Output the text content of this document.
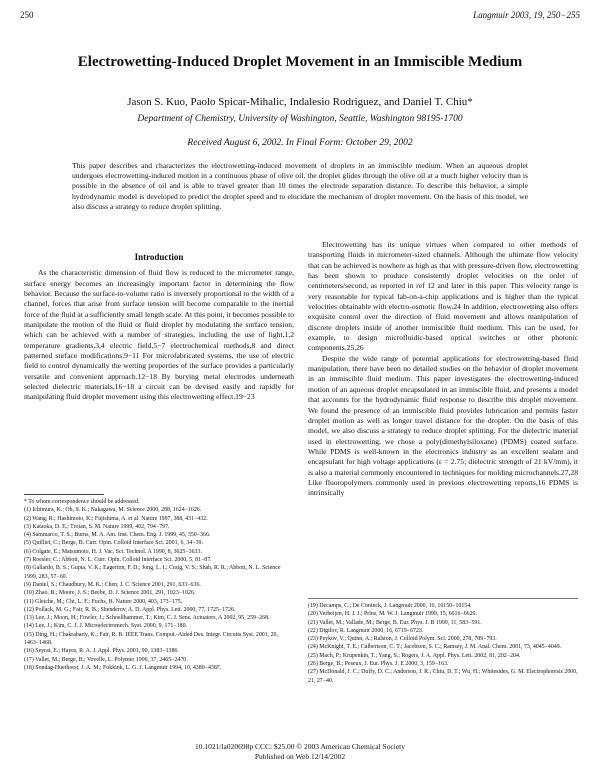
250	Langmuir 2003, 19, 250−255
Electrowetting-Induced Droplet Movement in an Immiscible Medium
Jason S. Kuo, Paolo Spicar-Mihalic, Indalesio Rodriguez, and Daniel T. Chiu*
Department of Chemistry, University of Washington, Seattle, Washington 98195-1700
Received August 6, 2002. In Final Form: October 29, 2002
This paper describes and characterizes the electrowetting-induced movement of droplets in an immiscible medium. When an aqueous droplet undergoes electrowetting-induced motion in a continuous phase of olive oil, the droplet glides through the olive oil at a much higher velocity than is possible in the absence of oil and is able to travel greater than 10 times the electrode separation distance. To describe this behavior, a simple hydrodynamic model is developed to predict the droplet speed and to elucidate the mechanism of droplet movement. On the basis of this model, we also discuss a strategy to reduce droplet splitting.
Introduction

As the characteristic dimension of fluid flow is reduced to the micrometer range, surface energy becomes an increasingly important factor in determining the flow behavior. Because the surface-to-volume ratio is inversely proportional to the width of a channel, forces that arise from surface tension will become comparable to the inertial force of the fluid at a sufficiently small length scale. At this point, it becomes possible to manipulate the motion of the fluid or fluid droplet by modulating the surface tension, which can be achieved with a number of strategies, including the use of light,1,2 temperature gradients,3,4 electric field,5−7 electrochemical methods,8 and direct patterned surface modifications.9−11 For microfabricated systems, the use of electric field to control dynamically the wetting properties of the surface provides a particularly versatile and convenient approach.12−18 By burying metal electrodes underneath selected dielectric materials,16−18 a circuit can be devised easily and rapidly for manipulating fluid droplet movement using this electrowetting effect.19−23

Electrowetting has its unique virtues when compared to other methods of transporting fluids in micrometer-sized channels. Although the ultimate flow velocity that can be achieved is nowhere as high as that with pressure-driven flow, electrowetting has been shown to produce consistently droplet velocities on the order of centimeters/second, as reported in ref 12 and later in this paper. This velocity range is very reasonable for typical lab-on-a-chip applications and is higher than the typical velocities obtainable with electro-osmotic flow.24 In addition, electrowetting also offers exquisite control over the direction of fluid movement and allows manipulation of discrete droplets inside of another immiscible fluid medium. This can be used, for example, to design microfluidic-based optical switches or other photonic components.25,26

Despite the wide range of potential applications for electrowetting-based fluid manipulation, there have been no detailed studies on the behavior of droplet movement in an immiscible fluid medium. This paper investigates the electrowetting-induced motion of an aqueous droplet encapsulated in an immiscible fluid, and presents a model that accounts for the hydrodynamic fluid response to describe this droplet movement. We found the presence of an immiscible fluid provides lubrication and permits faster droplet motion as well as longer travel distance for the droplet. On the basis of this model, we also discuss a strategy to reduce droplet splitting. For the dielectric material used in electrowetting, we chose a poly(dimethylsiloxane) (PDMS) coated surface. While PDMS is well-known in the electronics industry as an excellent sealant and encapsulant for high voltage applications (ε = 2.75; dielectric strength of 21 kV/mm), it is also a material commonly encountered in techniques for molding microchannels.27,28 Like fluoropolymers commonly used in previous electrowetting reports,16 PDMS is intrinsically

* To whom correspondence should be addressed.
(1) Ichimura, K.; Oh, S. K.; Nakagawa, M. Science 2000, 288, 1624−1626.
(2) Wang, R.; Hashimoto, K.; Fujishima, A. et al. Nature 1997, 388, 431−432.
(3) Kataoka, D. E.; Troian, S. M. Nature 1999, 402, 794−797.
(4) Sammarco, T. S.; Burns, M. A. Am. Inst. Chem. Eng. J. 1999, 45, 350−366.
(5) Quilliet, C.; Berge, B. Curr. Opin. Colloid Interface Sci. 2001, 6, 34−39.
(6) Colgate, E.; Matsumoto, H. J. Vac. Sci. Technol. A 1990, 8, 3625−3633.
(7) Roesler, C.; Abbott, N. L. Curr. Opin. Colloid Interface Sci. 2000, 5, 81−87.
(8) Gallardo, B. S.; Gupta, V. K.; Eagerton, F. D.; Jong, L. I.; Craig, V. S.; Shah, R. R.; Abbott, N. L. Science 1999, 283, 57−60.
(9) Daniel, S.; Chaudhury, M. K.; Chen, J. C. Science 2001, 291, 633−636.
(10) Zhao, B.; Moore, J. S.; Beebe, D. J. Science 2001, 291, 1023−1026.
(11) Gleiche, M.; Chi, L. F.; Fuchs, H. Nature 2000, 403, 173−175.
(12) Pollack, M. G.; Fair, R. B.; Shenderov, A. D. Appl. Phys. Lett. 2000, 77, 1725−1726.
(13) Lee, J.; Moon, H.; Fowler, J.; Schoellhammer, T.; Kim, C. J. Sens. Actuators, A 2002, 95, 259−268.
(14) Lee, J.; Kim, C. J. J. Microelectromech. Syst. 2000, 9, 171−180.
(15) Ding, H.; Chakrabarty, K.; Fair, R. B. IEEE Trans. Comput.-Aided Des. Integr. Circuits Syst. 2001, 20, 1463−1468.
(16) Seyrat, E.; Hayes, R. A. J. Appl. Phys. 2001, 90, 1383−1386.
(17) Vallet, M.; Berge, B.; Vovelle, L. Polymer 1996, 37, 2465−2470.
(18) Sondag-Huethorst, J. A. M.; Fokkink, L. G. J. Langmuir 1994, 10, 4380−4387.
(19) Decamps, C.; De Coninck, J. Langmuir 2000, 16, 10150−10154.
(20) Verheijen, H. J. J.; Prins, M. W. J. Langmuir 1999, 15, 6616−6620.
(21) Vallet, M.; Vallade, M.; Berge, B. Eur. Phys. J. B 1999, 11, 583−591.
(22) Digilov, R. Langmuir 2000, 16, 6719−6723.
(23) Peykov, V.; Quinn, A.; Ralston, J. Colloid Polym. Sci. 2000, 278, 789−793.
(24) McKnight, T. E.; Culbertson, C. T.; Jacobson, S. C.; Ramsey, J. M. Anal. Chem. 2001, 73, 4045−4049.
(25) Mach, P.; Krupenkin, T.; Yang, S.; Rogers, J. A. Appl. Phys. Lett. 2002, 81, 202−204.
(26) Berge, B.; Peseux, J. Eur. Phys. J. E 2000, 3, 159−163.
(27) McDonald, J. C.; Duffy, D. C.; Anderson, J. R.; Chiu, D. T.; Wu, H.; Whitesides, G. M. Electrophoresis 2000, 21, 27−40.
10.1021/la020698p CCC: $25.00 © 2003 American Chemical Society
Published on Web 12/14/2002
